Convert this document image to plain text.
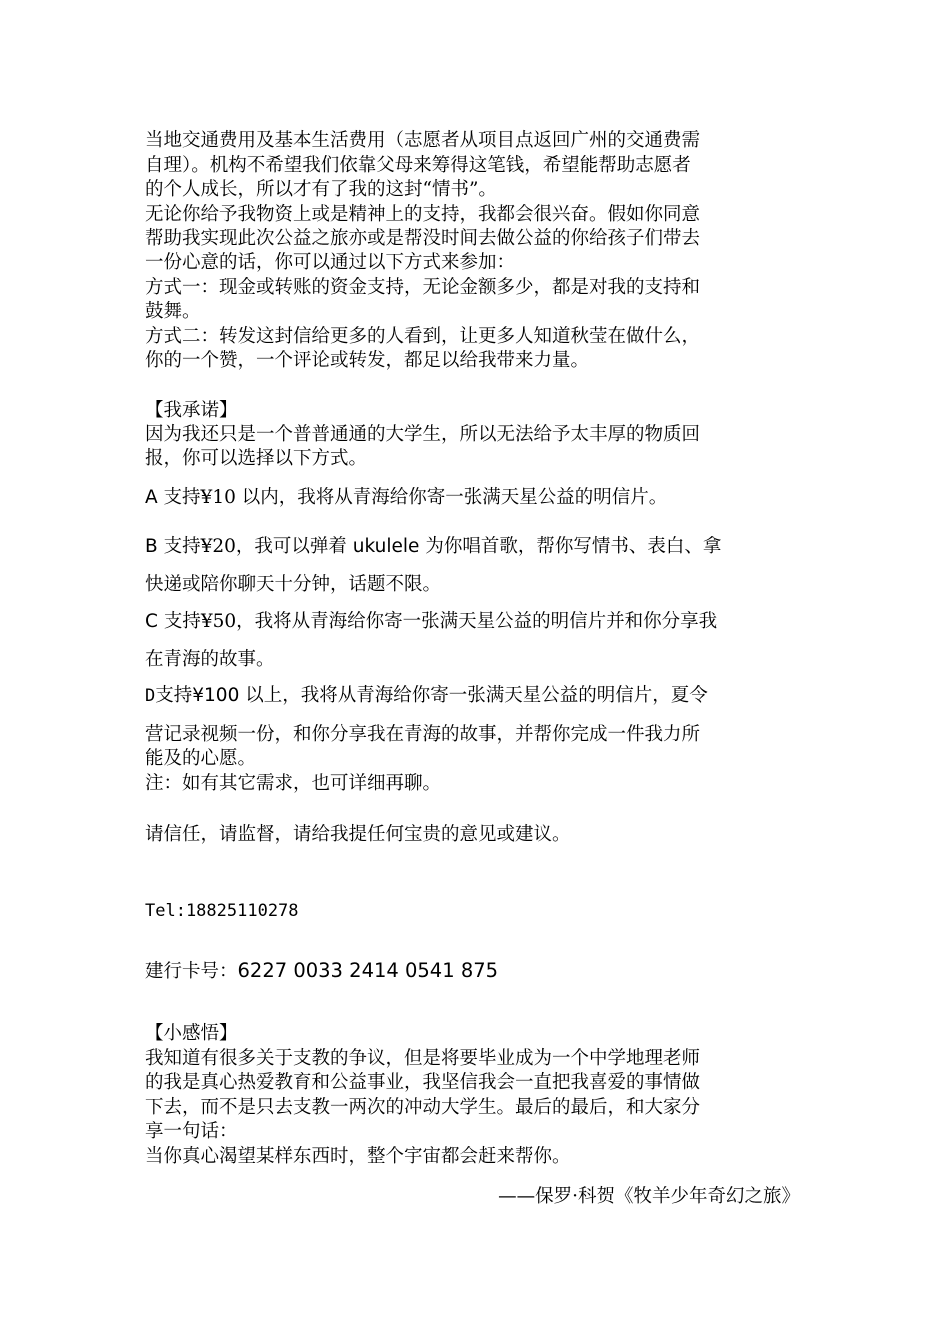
当地交通费用及基本生活费用（志愿者从项目点返回广州的交通费需
自理）。机构不希望我们依靠父母来筹得这笔钱，希望能帮助志愿者
的个人成长，所以才有了我的这封“情书”。
无论你给予我物资上或是精神上的支持，我都会很兴奋。假如你同意
帮助我实现此次公益之旅亦或是帮没时间去做公益的你给孩子们带去
一份心意的话，你可以通过以下方式来参加：
方式一：现金或转账的资金支持，无论金额多少，都是对我的支持和
鼓舞。
方式二：转发这封信给更多的人看到，让更多人知道秋莹在做什么，
你的一个赞，一个评论或转发，都足以给我带来力量。
【我承诺】
因为我还只是一个普普通通的大学生，所以无法给予太丰厚的物质回
报，你可以选择以下方式。
A 支持¥10 以内，我将从青海给你寄一张满天星公益的明信片。
B 支持¥20，我可以弹着 ukulele 为你唱首歌，帮你写情书、表白、拿
快递或陪你聊天十分钟，话题不限。
C 支持¥50，我将从青海给你寄一张满天星公益的明信片并和你分享我
在青海的故事。
D支持¥100 以上，我将从青海给你寄一张满天星公益的明信片，夏令
营记录视频一份，和你分享我在青海的故事，并帮你完成一件我力所
能及的心愿。
注：如有其它需求，也可详细再聊。
请信任，请监督，请给我提任何宝贵的意见或建议。
Tel:18825110278
建行卡号：6227 0033 2414 0541 875
【小感悟】
我知道有很多关于支教的争议，但是将要毕业成为一个中学地理老师
的我是真心热爱教育和公益事业，我坚信我会一直把我喜爱的事情做
下去，而不是只去支教一两次的冲动大学生。最后的最后，和大家分
享一句话：
当你真心渴望某样东西时，整个宇宙都会赶来帮你。
——保罗·科贺《牧羊少年奇幻之旅》
